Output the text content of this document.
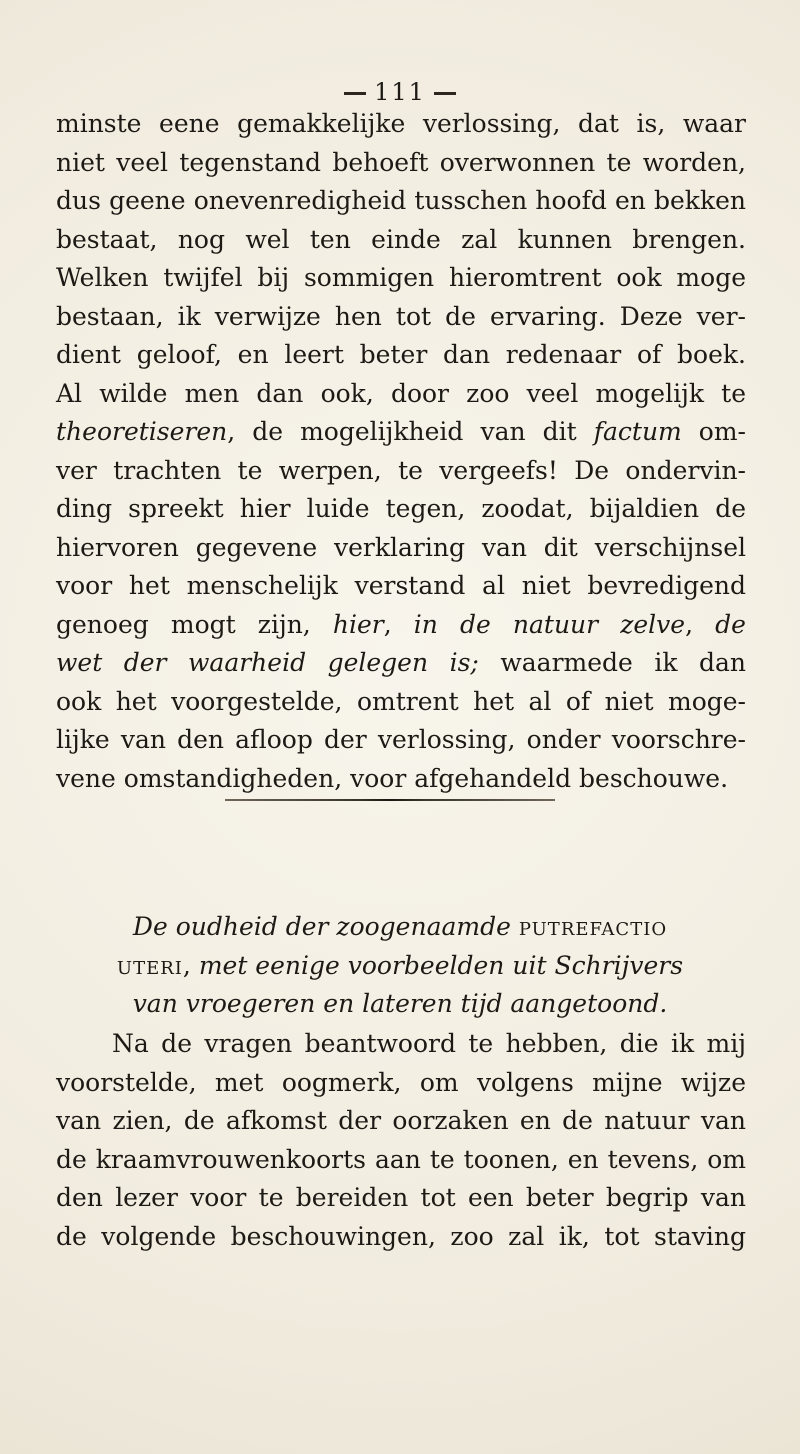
111
minste eene gemakkelijke verlossing, dat is, waar
niet veel tegenstand behoeft overwonnen te worden,
dus geene onevenredigheid tusschen hoofd en bekken
bestaat, nog wel ten einde zal kunnen brengen.
Welken twijfel bij sommigen hieromtrent ook moge
bestaan, ik verwijze hen tot de ervaring. Deze ver-
dient geloof, en leert beter dan redenaar of boek.
Al wilde men dan ook, door zoo veel mogelijk te
theoretiseren, de mogelijkheid van dit factum om-
ver trachten te werpen, te vergeefs! De ondervin-
ding spreekt hier luide tegen, zoodat, bijaldien de
hiervoren gegevene verklaring van dit verschijnsel
voor het menschelijk verstand al niet bevredigend
genoeg mogt zijn, hier, in de natuur zelve, de
wet der waarheid gelegen is; waarmede ik dan
ook het voorgestelde, omtrent het al of niet moge-
lijke van den afloop der verlossing, onder voorschre-
vene omstandigheden, voor afgehandeld beschouwe.
De oudheid der zoogenaamde putrefactio
uteri, met eenige voorbeelden uit Schrijvers
van vroegeren en lateren tijd aangetoond.
Na de vragen beantwoord te hebben, die ik mij
voorstelde, met oogmerk, om volgens mijne wijze
van zien, de afkomst der oorzaken en de natuur van
de kraamvrouwenkoorts aan te toonen, en tevens, om
den lezer voor te bereiden tot een beter begrip van
de volgende beschouwingen, zoo zal ik, tot staving
